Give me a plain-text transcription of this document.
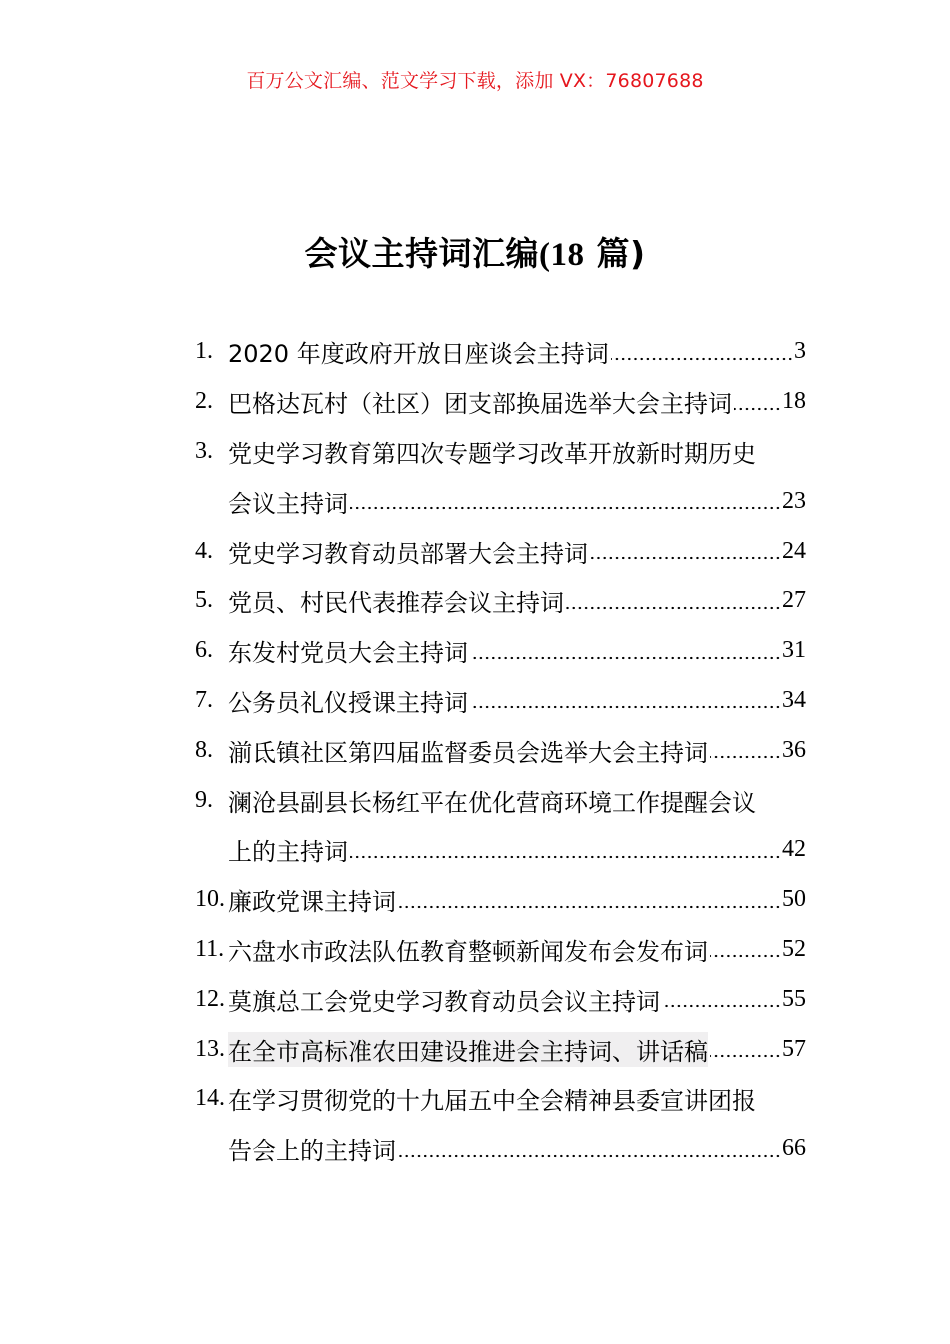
百万公文汇编、范文学习下载，添加 VX：76807688
会议主持词汇编(18 篇)
1. 2020 年度政府开放日座谈会主持词	3
2. 巴格达瓦村（社区）团支部换届选举大会主持词 18
3. 党史学习教育第四次专题学习改革开放新时期历史
会议主持词	23
4. 党史学习教育动员部署大会主持词	24
5. 党员、村民代表推荐会议主持词	27
6. 东发村党员大会主持词	31
7. 公务员礼仪授课主持词	34
8. 湔氐镇社区第四届监督委员会选举大会主持词	36
9. 澜沧县副县长杨红平在优化营商环境工作提醒会议
上的主持词	42
10. 廉政党课主持词	50
11. 六盘水市政法队伍教育整顿新闻发布会发布词	52
12. 莫旗总工会党史学习教育动员会议主持词	55
13. 在全市高标准农田建设推进会主持词、讲话稿	57
14. 在学习贯彻党的十九届五中全会精神县委宣讲团报
告会上的主持词	66
